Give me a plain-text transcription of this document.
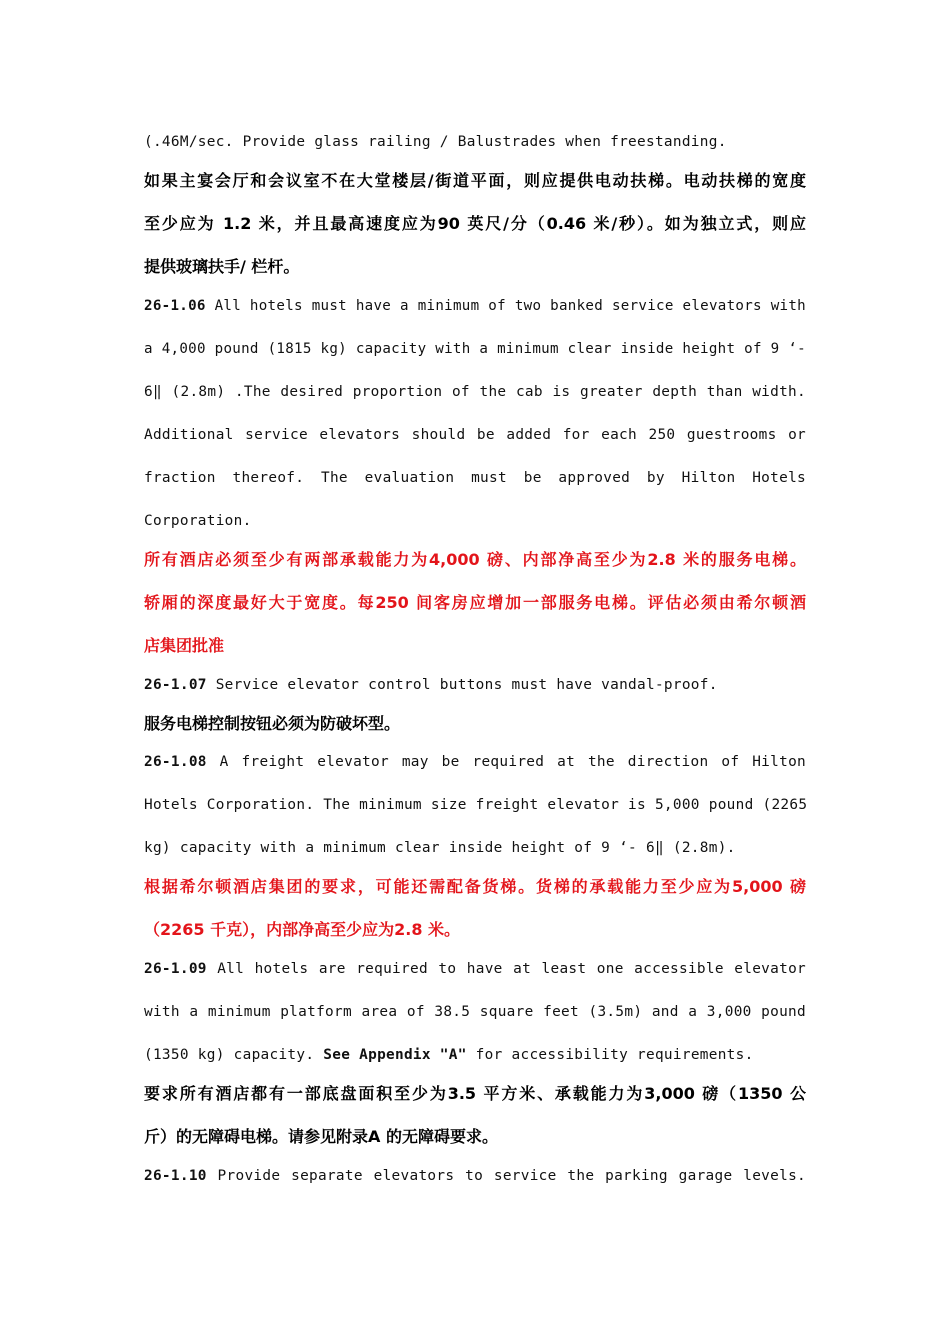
(.46M/sec. Provide glass railing / Balustrades when freestanding.
如果主宴会厅和会议室不在大堂楼层/街道平面，则应提供电动扶梯。电动扶梯的宽度
至少应为 1.2 米，并且最高速度应为90 英尺/分（0.46 米/秒）。如为独立式，则应
提供玻璃扶手/ 栏杆。
26-1.06 All hotels must have a minimum of two banked service elevators with
a 4,000 pound (1815 kg) capacity with a minimum clear inside height of 9 ‘-
6‖ (2.8m) .The desired proportion of the cab is greater depth than width.
Additional service elevators should be added for each 250 guestrooms or
fraction thereof. The evaluation must be approved by Hilton Hotels
Corporation.
所有酒店必须至少有两部承载能力为4,000 磅、内部净高至少为2.8 米的服务电梯。
轿厢的深度最好大于宽度。每250 间客房应增加一部服务电梯。评估必须由希尔顿酒
店集团批准
26-1.07 Service elevator control buttons must have vandal-proof.
服务电梯控制按钮必须为防破坏型。
26-1.08 A freight elevator may be required at the direction of Hilton
Hotels Corporation. The minimum size freight elevator is 5,000 pound (2265
kg) capacity with a minimum clear inside height of 9 ‘- 6‖ (2.8m).
根据希尔顿酒店集团的要求，可能还需配备货梯。货梯的承载能力至少应为5,000 磅
（2265 千克），内部净高至少应为2.8 米。
26-1.09 All hotels are required to have at least one accessible elevator
with a minimum platform area of 38.5 square feet (3.5m) and a 3,000 pound
(1350 kg) capacity. See Appendix "A" for accessibility requirements.
要求所有酒店都有一部底盘面积至少为3.5 平方米、承载能力为3,000 磅（1350 公
斤）的无障碍电梯。请参见附录A 的无障碍要求。
26-1.10 Provide separate elevators to service the parking garage levels.
